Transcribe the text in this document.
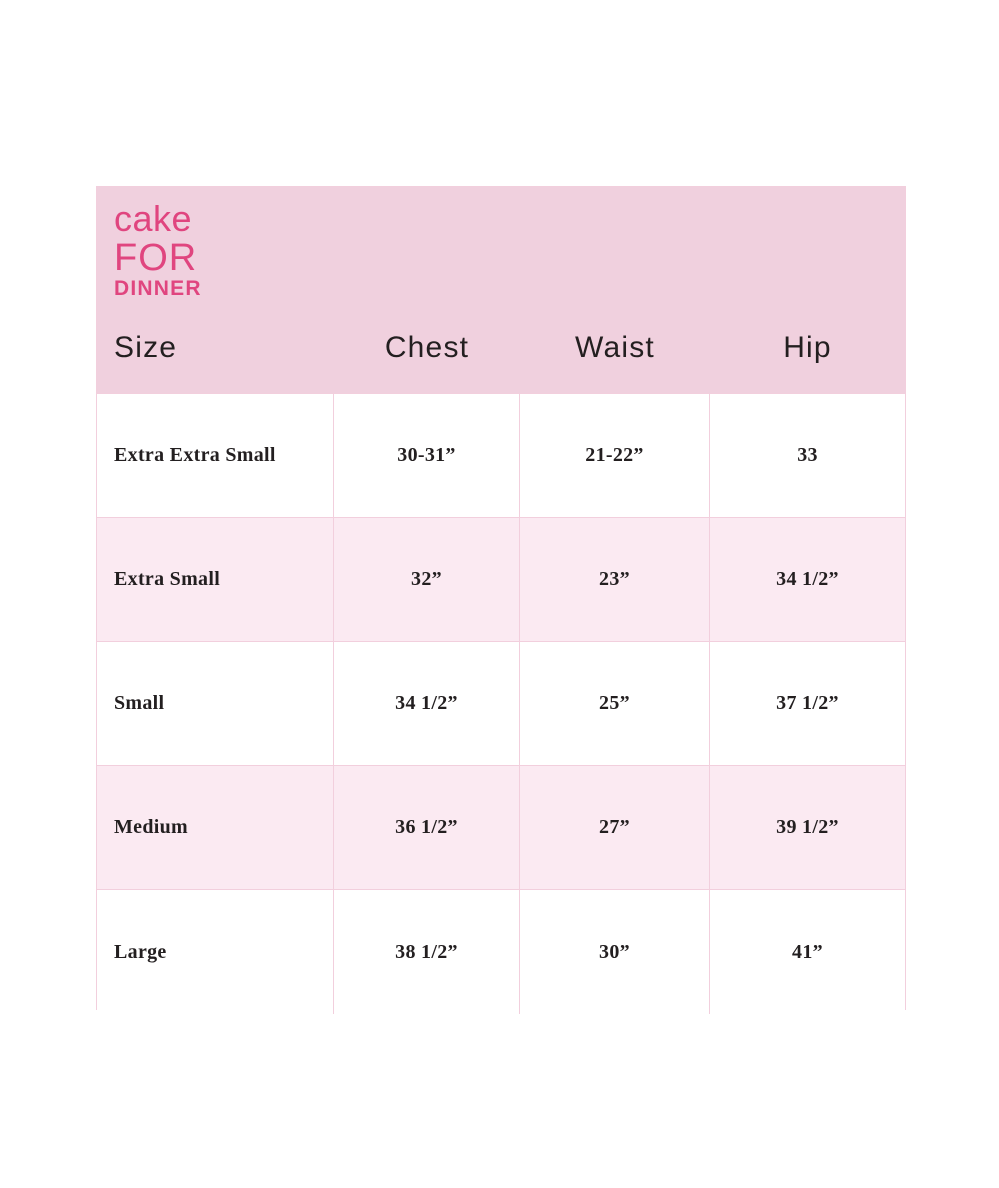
cake
FOR
DINNER
Size	Chest	Waist	Hip
Extra Extra Small	30-31”	21-22”	33
Extra Small	32”	23”	34 1/2”
Small	34 1/2”	25”	37 1/2”
Medium	36 1/2”	27”	39 1/2”
Large	38 1/2”	30”	41”
